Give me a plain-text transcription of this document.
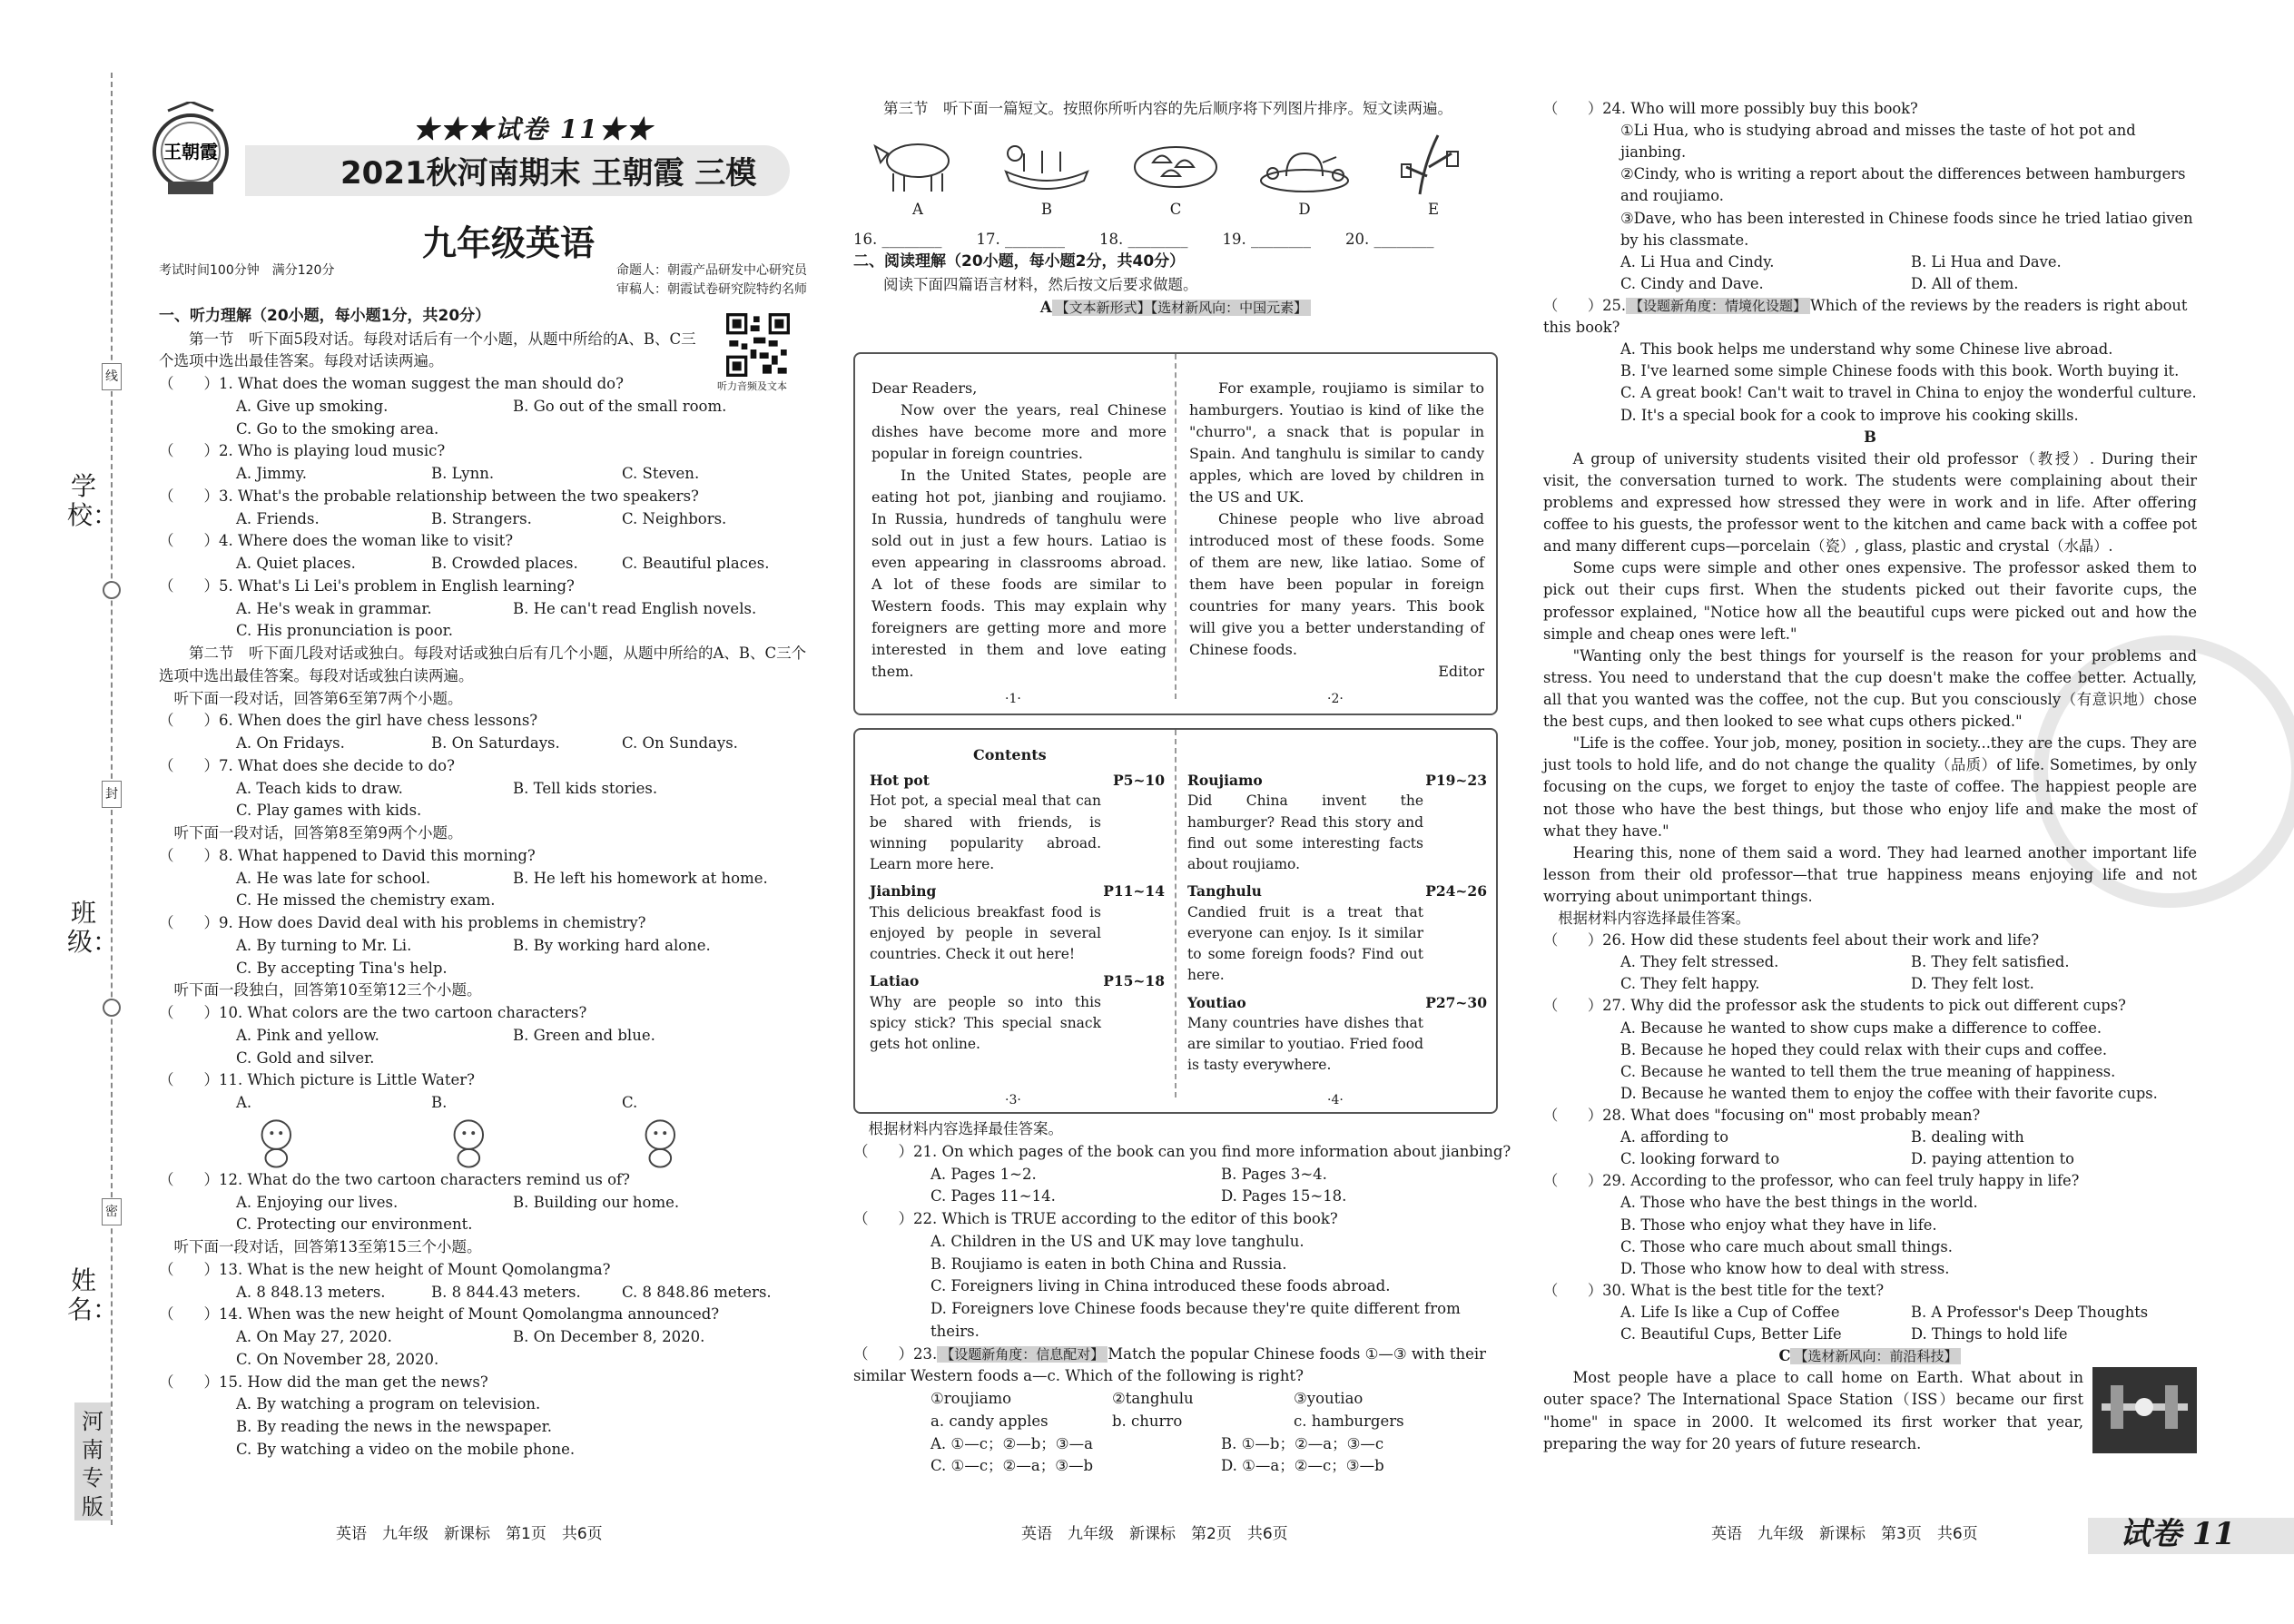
线
封
密
学校：
班级：
姓名：
河南专版
王朝霞
★★★试卷 11★★
2021秋河南期末 王朝霞 三模
九年级英语
考试时间100分钟　满分120分	命题人：朝霞产品研发中心研究员
审稿人：朝霞试卷研究院特约名师
一、听力理解（20小题，每小题1分，共20分）
第一节　听下面5段对话。每段对话后有一个小题，从题中所给的A、B、C三个选项中选出最佳答案。每段对话读两遍。
（　　）1. What does the woman suggest the man should do?
A. Give up smoking.	B. Go out of the small room.
C. Go to the smoking area.
（　　）2. Who is playing loud music?
A. Jimmy.	B. Lynn.	C. Steven.
（　　）3. What's the probable relationship between the two speakers?
A. Friends.	B. Strangers.	C. Neighbors.
（　　）4. Where does the woman like to visit?
A. Quiet places.	B. Crowded places.	C. Beautiful places.
（　　）5. What's Li Lei's problem in English learning?
A. He's weak in grammar.	B. He can't read English novels.
C. His pronunciation is poor.
第二节　听下面几段对话或独白。每段对话或独白后有几个小题，从题中所给的A、B、C三个选项中选出最佳答案。每段对话或独白读两遍。
听下面一段对话，回答第6至第7两个小题。
（　　）6. When does the girl have chess lessons?
A. On Fridays.	B. On Saturdays.	C. On Sundays.
（　　）7. What does she decide to do?
A. Teach kids to draw.	B. Tell kids stories.
C. Play games with kids.
听下面一段对话，回答第8至第9两个小题。
（　　）8. What happened to David this morning?
A. He was late for school.	B. He left his homework at home.
C. He missed the chemistry exam.
（　　）9. How does David deal with his problems in chemistry?
A. By turning to Mr. Li.	B. By working hard alone.
C. By accepting Tina's help.
听下面一段独白，回答第10至第12三个小题。
（　　）10. What colors are the two cartoon characters?
A. Pink and yellow.	B. Green and blue.
C. Gold and silver.
（　　）11. Which picture is Little Water?
A.	B.	C.
（　　）12. What do the two cartoon characters remind us of?
A. Enjoying our lives.	B. Building our home.
C. Protecting our environment.
听下面一段对话，回答第13至第15三个小题。
（　　）13. What is the new height of Mount Qomolangma?
A. 8 848.13 meters.	B. 8 844.43 meters.	C. 8 848.86 meters.
（　　）14. When was the new height of Mount Qomolangma announced?
A. On May 27, 2020.	B. On December 8, 2020.
C. On November 28, 2020.
（　　）15. How did the man get the news?
A. By watching a program on television.
B. By reading the news in the newspaper.
C. By watching a video on the mobile phone.
听力音频及文本
第三节　听下面一篇短文。按照你所听内容的先后顺序将下列图片排序。短文读两遍。
A	B	C	D	E
16. ________ 17. ________ 18. ________ 19. ________ 20. ________
二、阅读理解（20小题，每小题2分，共40分）
阅读下面四篇语言材料，然后按文后要求做题。
A 【文本新形式】【选材新风向：中国元素】
Dear Readers,

Now over the years, real Chinese dishes have become more and more popular in foreign countries.

In the United States, people are eating hot pot, jianbing and roujiamo. In Russia, hundreds of tanghulu were sold out in just a few hours. Latiao is even appearing in classrooms abroad. A lot of these foods are similar to Western foods. This may explain why foreigners are getting more and more interested in them and love eating them.

For example, roujiamo is similar to hamburgers. Youtiao is kind of like the "churro", a snack that is popular in Spain. And tanghulu is similar to candy apples, which are loved by children in the US and UK.

Chinese people who live abroad introduced most of these foods. Some of them are new, like latiao. Some of them have been popular in foreign countries for many years. This book will give you a better understanding of Chinese foods.

Editor
·1·	·2·
Contents
Hot pot	P5~10
Hot pot, a special meal that can be shared with friends, is winning popularity abroad. Learn more here.
Jianbing	P11~14
This delicious breakfast food is enjoyed by people in several countries. Check it out here!
Latiao	P15~18
Why are people so into this spicy stick? This special snack gets hot online.
Roujiamo	P19~23
Did China invent the hamburger? Read this story and find out some interesting facts about roujiamo.
Tanghulu	P24~26
Candied fruit is a treat that everyone can enjoy. Is it similar to some foreign foods? Find out here.
Youtiao	P27~30
Many countries have dishes that are similar to youtiao. Fried food is tasty everywhere.
·3·	·4·
根据材料内容选择最佳答案。
（　　）21. On which pages of the book can you find more information about jianbing?
A. Pages 1~2.	B. Pages 3~4.
C. Pages 11~14.	D. Pages 15~18.
（　　）22. Which is TRUE according to the editor of this book?
A. Children in the US and UK may love tanghulu.
B. Roujiamo is eaten in both China and Russia.
C. Foreigners living in China introduced these foods abroad.
D. Foreigners love Chinese foods because they're quite different from theirs.
（　　）23. 【设题新角度：信息配对】 Match the popular Chinese foods ①—③ with their similar Western foods a—c. Which of the following is right?
①roujiamo	②tanghulu	③youtiao
a. candy apples	b. churro	c. hamburgers
A. ①—c；②—b；③—a	B. ①—b；②—a；③—c
C. ①—c；②—a；③—b	D. ①—a；②—c；③—b
（　　）24. Who will more possibly buy this book?
①Li Hua, who is studying abroad and misses the taste of hot pot and jianbing.
②Cindy, who is writing a report about the differences between hamburgers and roujiamo.
③Dave, who has been interested in Chinese foods since he tried latiao given by his classmate.
A. Li Hua and Cindy.	B. Li Hua and Dave.
C. Cindy and Dave.	D. All of them.
（　　）25. 【设题新角度：情境化设题】 Which of the reviews by the readers is right about this book?
A. This book helps me understand why some Chinese live abroad.
B. I've learned some simple Chinese foods with this book. Worth buying it.
C. A great book! Can't wait to travel in China to enjoy the wonderful culture.
D. It's a special book for a cook to improve his cooking skills.
B

A group of university students visited their old professor（教授）. During their visit, the conversation turned to work. The students were complaining about their problems and expressed how stressed they were in work and in life. After offering coffee to his guests, the professor went to the kitchen and came back with a coffee pot and many different cups—porcelain（瓷）, glass, plastic and crystal（水晶）.

Some cups were simple and other ones expensive. The professor asked them to pick out their cups first. When the students picked out their favorite cups, the professor explained, "Notice how all the beautiful cups were picked out and how the simple and cheap ones were left."

"Wanting only the best things for yourself is the reason for your problems and stress. You need to understand that the cup doesn't make the coffee better. Actually, all that you wanted was the coffee, not the cup. But you consciously（有意识地）chose the best cups, and then looked to see what cups others picked."

"Life is the coffee. Your job, money, position in society...they are the cups. They are just tools to hold life, and do not change the quality（品质）of life. Sometimes, by only focusing on the cups, we forget to enjoy the taste of coffee. The happiest people are not those who have the best things, but those who enjoy life and make the most of what they have."

Hearing this, none of them said a word. They had learned another important life lesson from their old professor—that true happiness means enjoying life and not worrying about unimportant things.

根据材料内容选择最佳答案。
（　　）26. How did these students feel about their work and life?
A. They felt stressed.	B. They felt satisfied.
C. They felt happy.	D. They felt lost.
（　　）27. Why did the professor ask the students to pick out different cups?
A. Because he wanted to show cups make a difference to coffee.
B. Because he hoped they could relax with their cups and coffee.
C. Because he wanted to tell them the true meaning of happiness.
D. Because he wanted them to enjoy the coffee with their favorite cups.
（　　）28. What does "focusing on" most probably mean?
A. affording to	B. dealing with
C. looking forward to	D. paying attention to
（　　）29. According to the professor, who can feel truly happy in life?
A. Those who have the best things in the world.
B. Those who enjoy what they have in life.
C. Those who care much about small things.
D. Those who know how to deal with stress.
（　　）30. What is the best title for the text?
A. Life Is like a Cup of Coffee	B. A Professor's Deep Thoughts
C. Beautiful Cups, Better Life	D. Things to hold life
C 【选材新风向：前沿科技】

Most people have a place to call home on Earth. What about in outer space? The International Space Station（ISS）became our first "home" in space in 2000. It welcomed its first worker that year, preparing the way for 20 years of future research.

英语　九年级　新课标　第1页　共6页	英语　九年级　新课标　第2页　共6页	英语　九年级　新课标　第3页　共6页	试卷 11
